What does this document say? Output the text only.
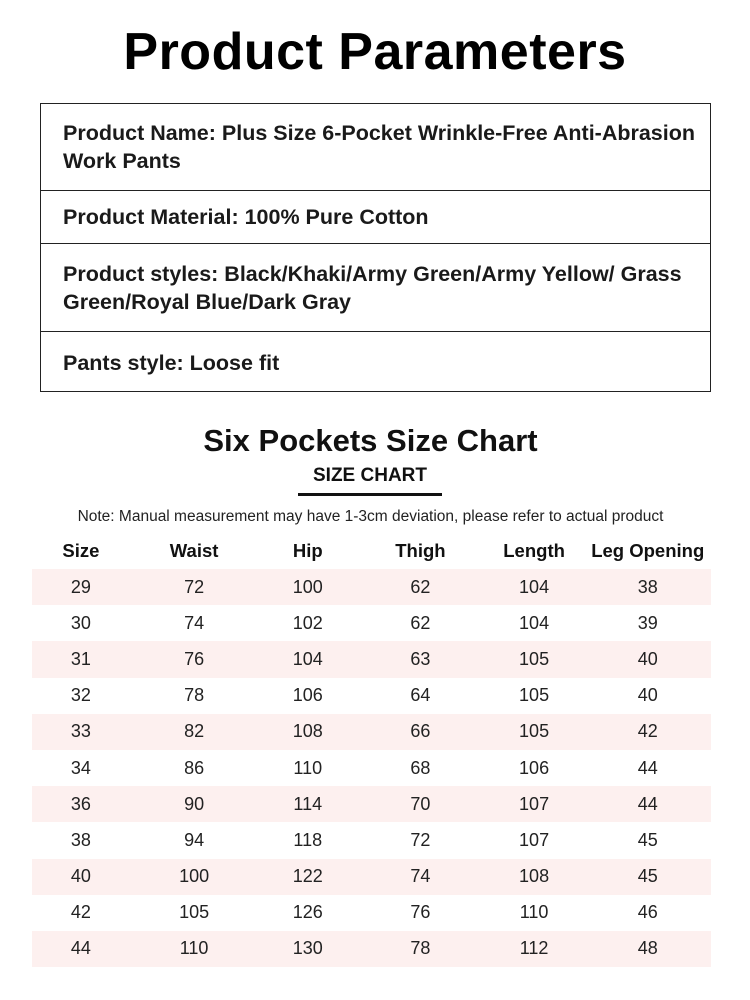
Product Parameters
Product Name: Plus Size 6-Pocket Wrinkle-Free Anti-Abrasion Work Pants
Product Material: 100% Pure Cotton
Product styles: Black/Khaki/Army Green/Army Yellow/ Grass Green/Royal Blue/Dark Gray
Pants style: Loose fit
Six Pockets Size Chart
SIZE CHART
Note: Manual measurement may have 1-3cm deviation, please refer to actual product
Size	Waist	Hip	Thigh	Length	Leg Opening
29	72	100	62	104	38
30	74	102	62	104	39
31	76	104	63	105	40
32	78	106	64	105	40
33	82	108	66	105	42
34	86	110	68	106	44
36	90	114	70	107	44
38	94	118	72	107	45
40	100	122	74	108	45
42	105	126	76	110	46
44	110	130	78	112	48
